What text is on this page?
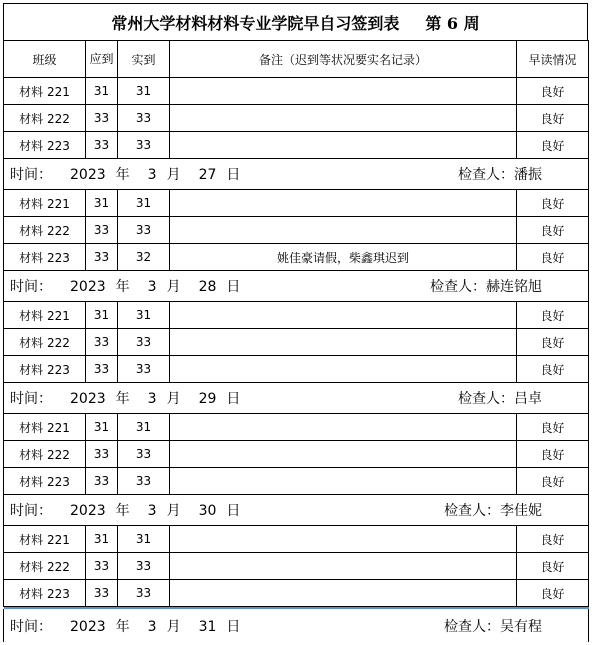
常州大学材料材料专业学院早自习签到表 第 6 周
班级	应到	实到	备注（迟到等状况要实名记录）	早读情况
材料 221	31	31		良好
材料 222	33	33		良好
材料 223	33	33		良好

时间： 2023 年 3 月 27 日 检查人：潘振				

材料 221	31	31		良好
材料 222	33	33		良好
材料 223	33	32	姚佳豪请假，柴鑫琪迟到	良好

时间： 2023 年 3 月 28 日 检查人：赫连铭旭				

材料 221	31	31		良好
材料 222	33	33		良好
材料 223	33	33		良好

时间： 2023 年 3 月 29 日 检查人：吕卓				

材料 221	31	31		良好
材料 222	33	33		良好
材料 223	33	33		良好

时间： 2023 年 3 月 30 日 检查人：李佳妮				

材料 221	31	31		良好
材料 222	33	33		良好
材料 223	33	33		良好

时间： 2023 年 3 月 31 日 检查人：吴有程				
